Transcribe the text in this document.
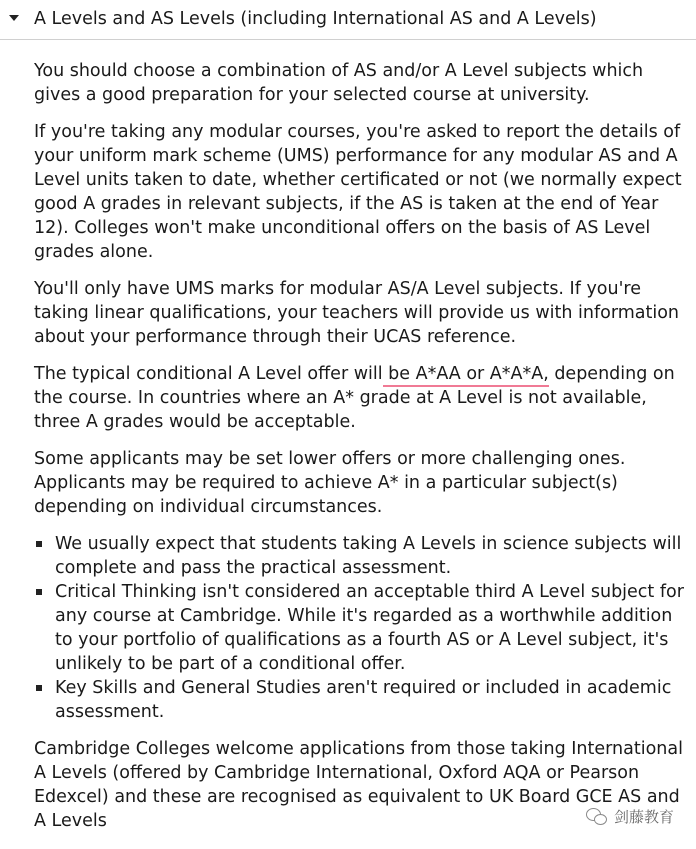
A Levels and AS Levels (including International AS and A Levels)

You should choose a combination of AS and/or A Level subjects which gives a good preparation for your selected course at university.

If you're taking any modular courses, you're asked to report the details of your uniform mark scheme (UMS) performance for any modular AS and A Level units taken to date, whether certificated or not (we normally expect good A grades in relevant subjects, if the AS is taken at the end of Year 12). Colleges won't make unconditional offers on the basis of AS Level grades alone.

You'll only have UMS marks for modular AS/A Level subjects. If you're taking linear qualifications, your teachers will provide us with information about your performance through their UCAS reference.

The typical conditional A Level offer will be A*AA or A*A*A, depending on the course. In countries where an A* grade at A Level is not available, three A grades would be acceptable.

Some applicants may be set lower offers or more challenging ones. Applicants may be required to achieve A* in a particular subject(s) depending on individual circumstances.

We usually expect that students taking A Levels in science subjects will complete and pass the practical assessment.
Critical Thinking isn't considered an acceptable third A Level subject for any course at Cambridge. While it's regarded as a worthwhile addition to your portfolio of qualifications as a fourth AS or A Level subject, it's unlikely to be part of a conditional offer.
Key Skills and General Studies aren't required or included in academic assessment.

Cambridge Colleges welcome applications from those taking International A Levels (offered by Cambridge International, Oxford AQA or Pearson Edexcel) and these are recognised as equivalent to UK Board GCE AS and A Levels	剑藤教育
